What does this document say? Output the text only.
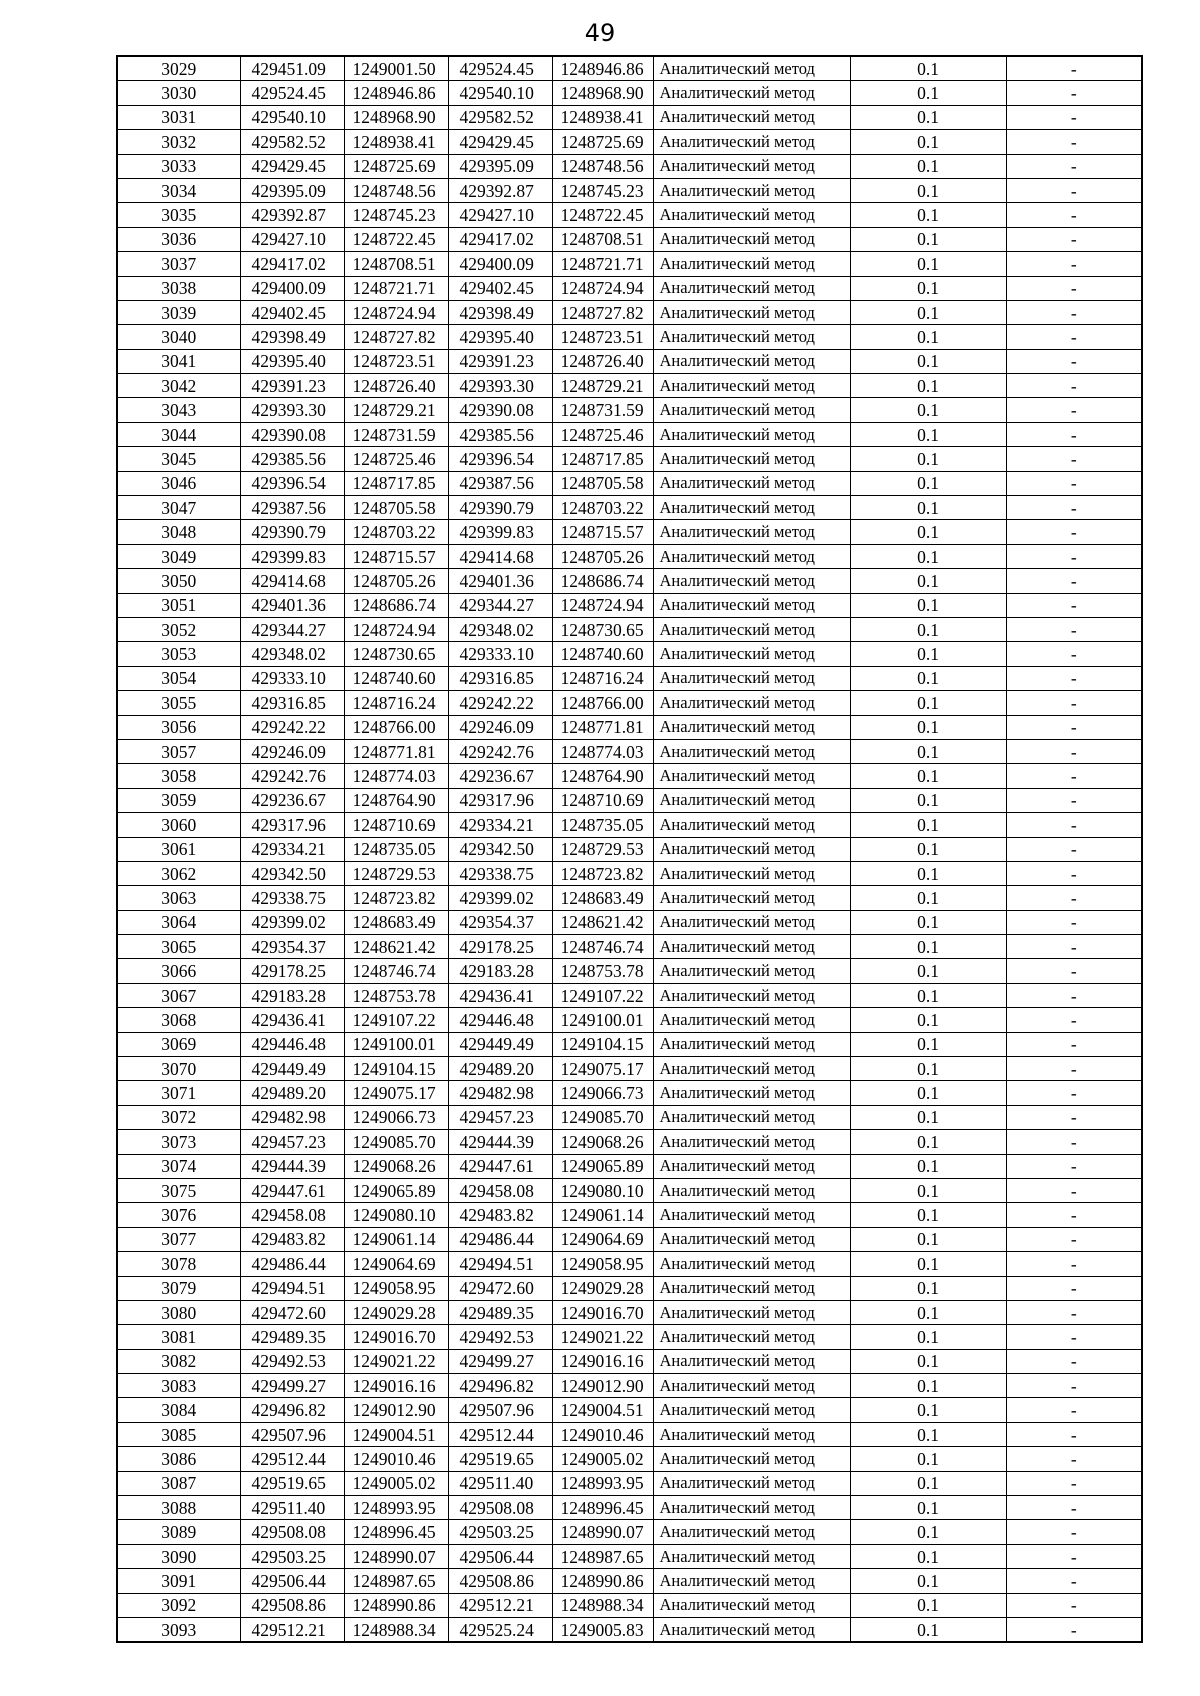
49
3029	429451.09	1249001.50	429524.45	1248946.86	Аналитический метод	0.1	-
3030	429524.45	1248946.86	429540.10	1248968.90	Аналитический метод	0.1	-
3031	429540.10	1248968.90	429582.52	1248938.41	Аналитический метод	0.1	-
3032	429582.52	1248938.41	429429.45	1248725.69	Аналитический метод	0.1	-
3033	429429.45	1248725.69	429395.09	1248748.56	Аналитический метод	0.1	-
3034	429395.09	1248748.56	429392.87	1248745.23	Аналитический метод	0.1	-
3035	429392.87	1248745.23	429427.10	1248722.45	Аналитический метод	0.1	-
3036	429427.10	1248722.45	429417.02	1248708.51	Аналитический метод	0.1	-
3037	429417.02	1248708.51	429400.09	1248721.71	Аналитический метод	0.1	-
3038	429400.09	1248721.71	429402.45	1248724.94	Аналитический метод	0.1	-
3039	429402.45	1248724.94	429398.49	1248727.82	Аналитический метод	0.1	-
3040	429398.49	1248727.82	429395.40	1248723.51	Аналитический метод	0.1	-
3041	429395.40	1248723.51	429391.23	1248726.40	Аналитический метод	0.1	-
3042	429391.23	1248726.40	429393.30	1248729.21	Аналитический метод	0.1	-
3043	429393.30	1248729.21	429390.08	1248731.59	Аналитический метод	0.1	-
3044	429390.08	1248731.59	429385.56	1248725.46	Аналитический метод	0.1	-
3045	429385.56	1248725.46	429396.54	1248717.85	Аналитический метод	0.1	-
3046	429396.54	1248717.85	429387.56	1248705.58	Аналитический метод	0.1	-
3047	429387.56	1248705.58	429390.79	1248703.22	Аналитический метод	0.1	-
3048	429390.79	1248703.22	429399.83	1248715.57	Аналитический метод	0.1	-
3049	429399.83	1248715.57	429414.68	1248705.26	Аналитический метод	0.1	-
3050	429414.68	1248705.26	429401.36	1248686.74	Аналитический метод	0.1	-
3051	429401.36	1248686.74	429344.27	1248724.94	Аналитический метод	0.1	-
3052	429344.27	1248724.94	429348.02	1248730.65	Аналитический метод	0.1	-
3053	429348.02	1248730.65	429333.10	1248740.60	Аналитический метод	0.1	-
3054	429333.10	1248740.60	429316.85	1248716.24	Аналитический метод	0.1	-
3055	429316.85	1248716.24	429242.22	1248766.00	Аналитический метод	0.1	-
3056	429242.22	1248766.00	429246.09	1248771.81	Аналитический метод	0.1	-
3057	429246.09	1248771.81	429242.76	1248774.03	Аналитический метод	0.1	-
3058	429242.76	1248774.03	429236.67	1248764.90	Аналитический метод	0.1	-
3059	429236.67	1248764.90	429317.96	1248710.69	Аналитический метод	0.1	-
3060	429317.96	1248710.69	429334.21	1248735.05	Аналитический метод	0.1	-
3061	429334.21	1248735.05	429342.50	1248729.53	Аналитический метод	0.1	-
3062	429342.50	1248729.53	429338.75	1248723.82	Аналитический метод	0.1	-
3063	429338.75	1248723.82	429399.02	1248683.49	Аналитический метод	0.1	-
3064	429399.02	1248683.49	429354.37	1248621.42	Аналитический метод	0.1	-
3065	429354.37	1248621.42	429178.25	1248746.74	Аналитический метод	0.1	-
3066	429178.25	1248746.74	429183.28	1248753.78	Аналитический метод	0.1	-
3067	429183.28	1248753.78	429436.41	1249107.22	Аналитический метод	0.1	-
3068	429436.41	1249107.22	429446.48	1249100.01	Аналитический метод	0.1	-
3069	429446.48	1249100.01	429449.49	1249104.15	Аналитический метод	0.1	-
3070	429449.49	1249104.15	429489.20	1249075.17	Аналитический метод	0.1	-
3071	429489.20	1249075.17	429482.98	1249066.73	Аналитический метод	0.1	-
3072	429482.98	1249066.73	429457.23	1249085.70	Аналитический метод	0.1	-
3073	429457.23	1249085.70	429444.39	1249068.26	Аналитический метод	0.1	-
3074	429444.39	1249068.26	429447.61	1249065.89	Аналитический метод	0.1	-
3075	429447.61	1249065.89	429458.08	1249080.10	Аналитический метод	0.1	-
3076	429458.08	1249080.10	429483.82	1249061.14	Аналитический метод	0.1	-
3077	429483.82	1249061.14	429486.44	1249064.69	Аналитический метод	0.1	-
3078	429486.44	1249064.69	429494.51	1249058.95	Аналитический метод	0.1	-
3079	429494.51	1249058.95	429472.60	1249029.28	Аналитический метод	0.1	-
3080	429472.60	1249029.28	429489.35	1249016.70	Аналитический метод	0.1	-
3081	429489.35	1249016.70	429492.53	1249021.22	Аналитический метод	0.1	-
3082	429492.53	1249021.22	429499.27	1249016.16	Аналитический метод	0.1	-
3083	429499.27	1249016.16	429496.82	1249012.90	Аналитический метод	0.1	-
3084	429496.82	1249012.90	429507.96	1249004.51	Аналитический метод	0.1	-
3085	429507.96	1249004.51	429512.44	1249010.46	Аналитический метод	0.1	-
3086	429512.44	1249010.46	429519.65	1249005.02	Аналитический метод	0.1	-
3087	429519.65	1249005.02	429511.40	1248993.95	Аналитический метод	0.1	-
3088	429511.40	1248993.95	429508.08	1248996.45	Аналитический метод	0.1	-
3089	429508.08	1248996.45	429503.25	1248990.07	Аналитический метод	0.1	-
3090	429503.25	1248990.07	429506.44	1248987.65	Аналитический метод	0.1	-
3091	429506.44	1248987.65	429508.86	1248990.86	Аналитический метод	0.1	-
3092	429508.86	1248990.86	429512.21	1248988.34	Аналитический метод	0.1	-
3093	429512.21	1248988.34	429525.24	1249005.83	Аналитический метод	0.1	-
